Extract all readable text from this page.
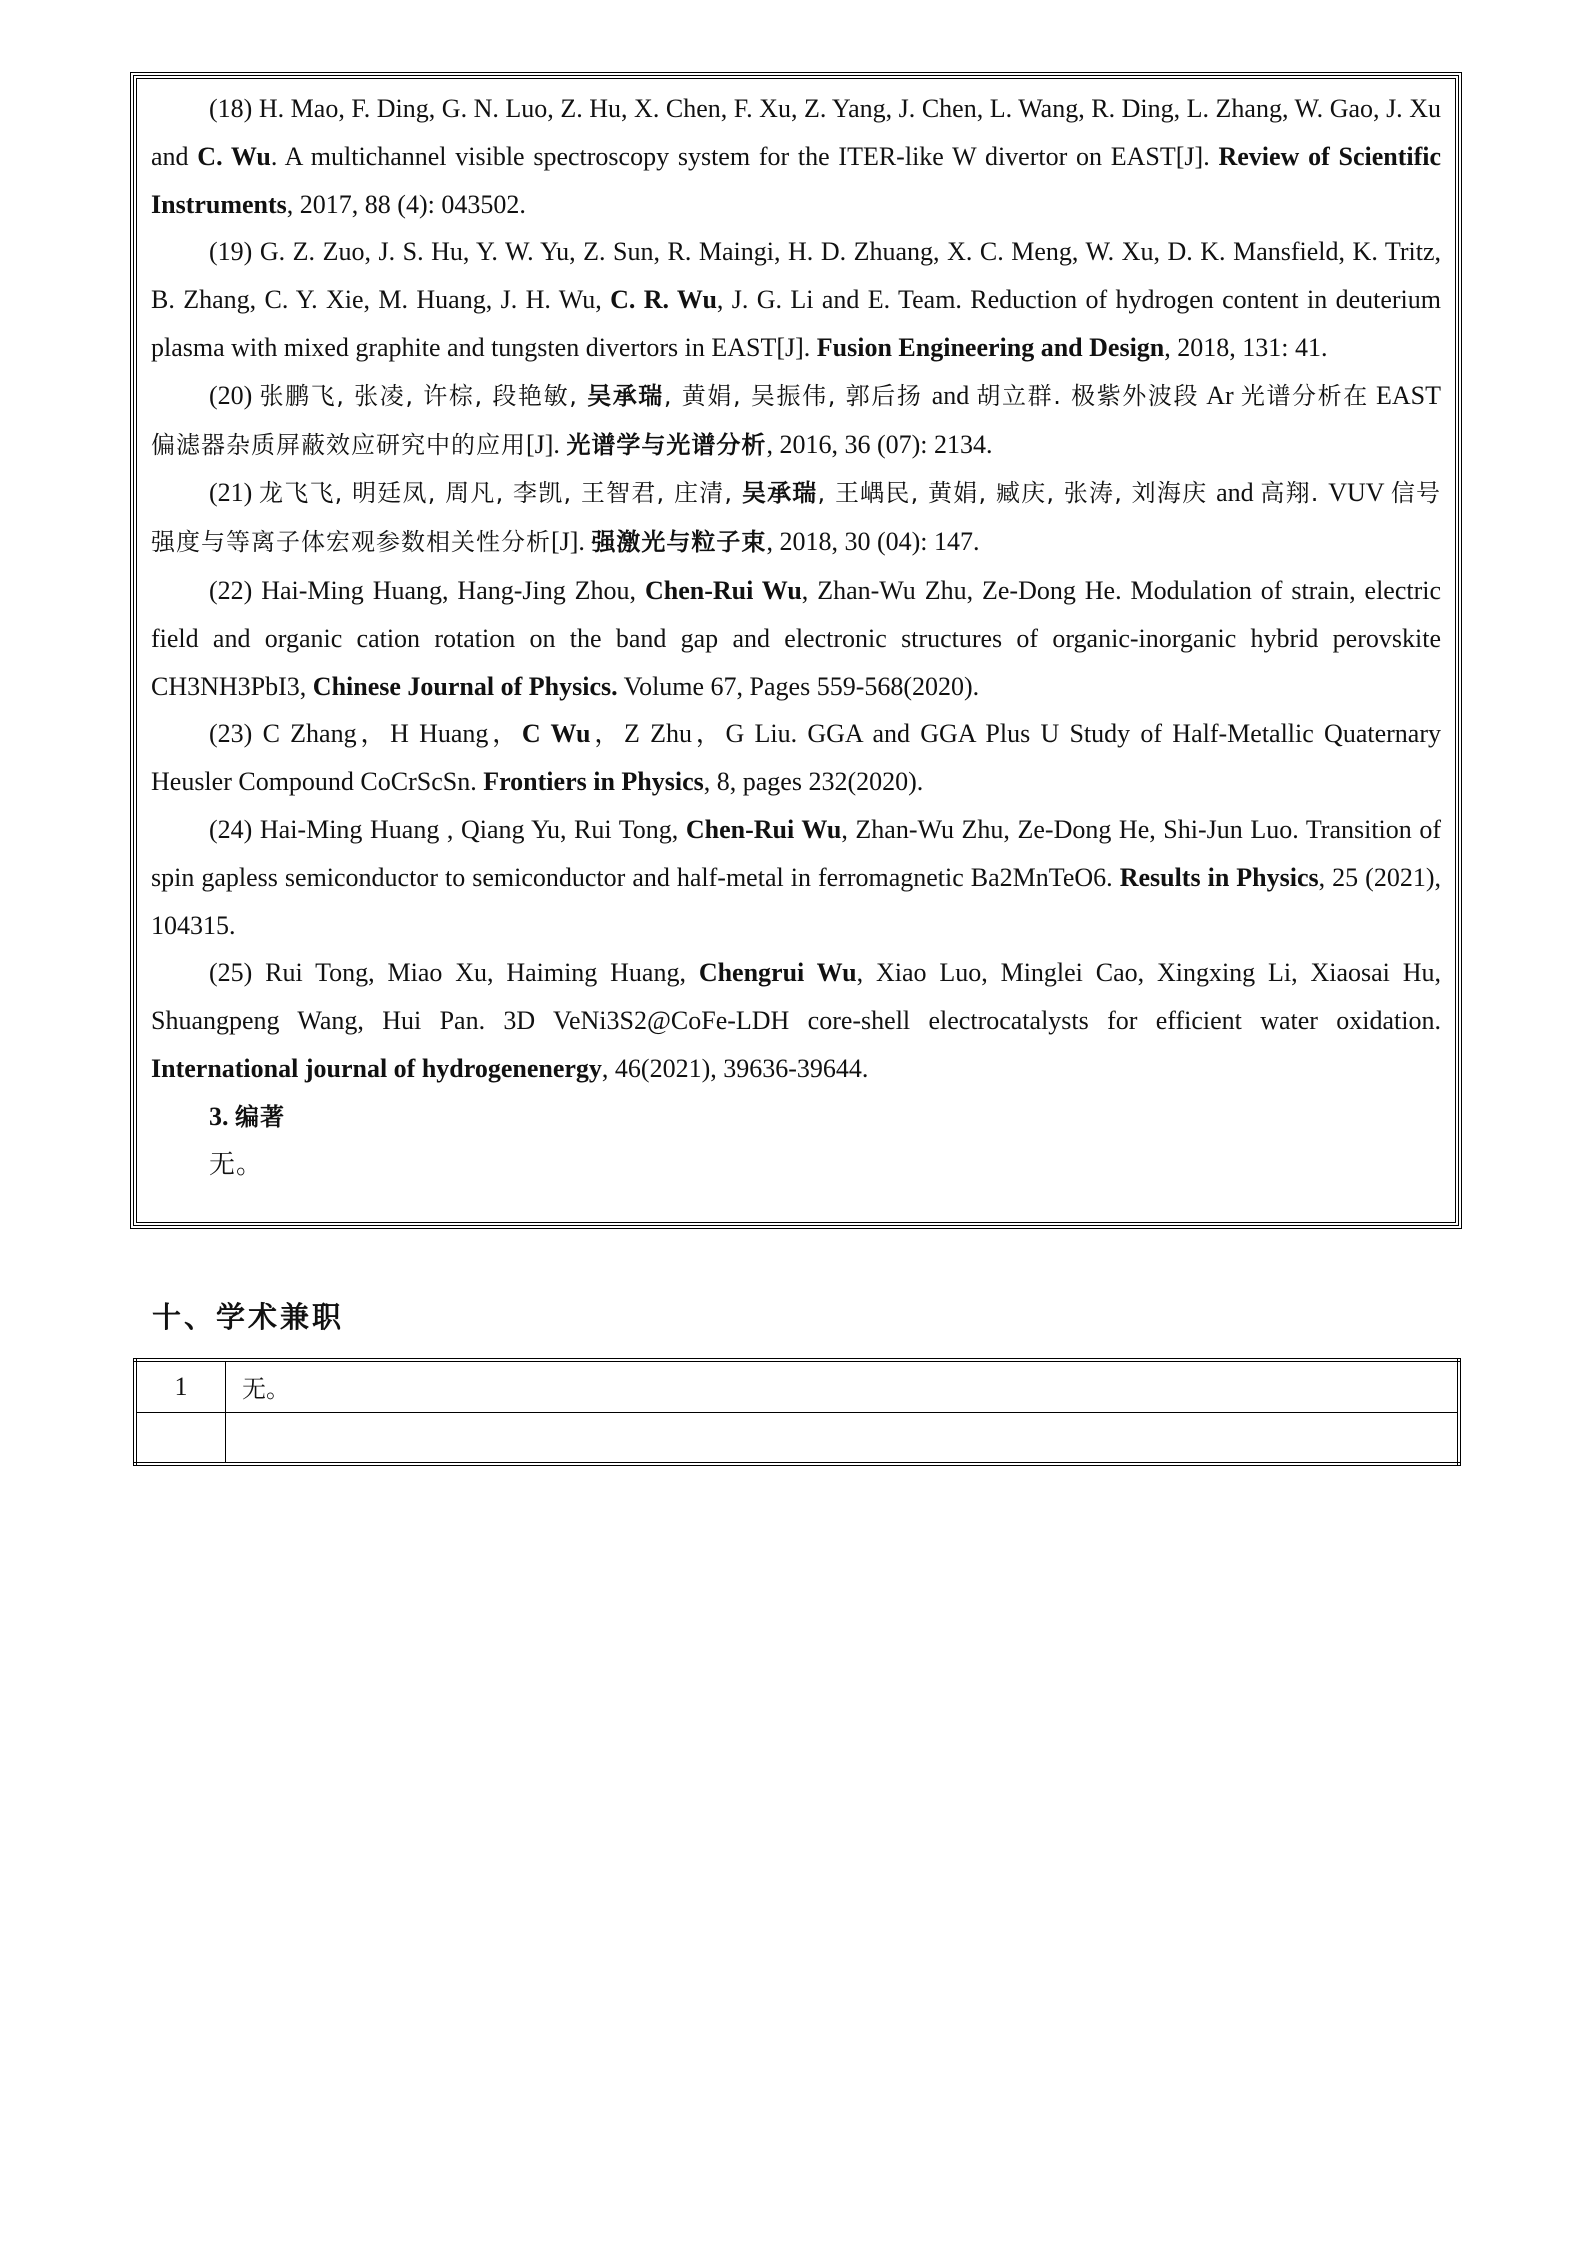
(18) H. Mao, F. Ding, G. N. Luo, Z. Hu, X. Chen, F. Xu, Z. Yang, J. Chen, L. Wang, R. Ding, L. Zhang, W. Gao, J. Xu and C. Wu. A multichannel visible spectroscopy system for the ITER-like W divertor on EAST[J]. Review of Scientific Instruments, 2017, 88 (4): 043502.

(19) G. Z. Zuo, J. S. Hu, Y. W. Yu, Z. Sun, R. Maingi, H. D. Zhuang, X. C. Meng, W. Xu, D. K. Mansfield, K. Tritz, B. Zhang, C. Y. Xie, M. Huang, J. H. Wu, C. R. Wu, J. G. Li and E. Team. Reduction of hydrogen content in deuterium plasma with mixed graphite and tungsten divertors in EAST[J]. Fusion Engineering and Design, 2018, 131: 41.

(20) 张鹏飞, 张凌, 许棕, 段艳敏, 吴承瑞, 黄娟, 吴振伟, 郭后扬 and 胡立群. 极紫外波段 Ar 光谱分析在 EAST 偏滤器杂质屏蔽效应研究中的应用[J]. 光谱学与光谱分析, 2016, 36 (07): 2134.

(21) 龙飞飞, 明廷凤, 周凡, 李凯, 王智君, 庄清, 吴承瑞, 王嵎民, 黄娟, 臧庆, 张涛, 刘海庆 and 高翔. VUV 信号强度与等离子体宏观参数相关性分析[J]. 强激光与粒子束, 2018, 30 (04): 147.

(22) Hai-Ming Huang, Hang-Jing Zhou, Chen-Rui Wu, Zhan-Wu Zhu, Ze-Dong He. Modulation of strain, electric field and organic cation rotation on the band gap and electronic structures of organic-inorganic hybrid perovskite CH3NH3PbI3, Chinese Journal of Physics. Volume 67, Pages 559-568(2020).

(23) C Zhang，H Huang，C Wu，Z Zhu，G Liu. GGA and GGA Plus U Study of Half-Metallic Quaternary Heusler Compound CoCrScSn. Frontiers in Physics, 8, pages 232(2020).

(24) Hai-Ming Huang , Qiang Yu, Rui Tong, Chen-Rui Wu, Zhan-Wu Zhu, Ze-Dong He, Shi-Jun Luo. Transition of spin gapless semiconductor to semiconductor and half-metal in ferromagnetic Ba2MnTeO6. Results in Physics, 25 (2021), 104315.

(25) Rui Tong, Miao Xu, Haiming Huang, Chengrui Wu, Xiao Luo, Minglei Cao, Xingxing Li, Xiaosai Hu, Shuangpeng Wang, Hui Pan. 3D VeNi3S2@CoFe-LDH core-shell electrocatalysts for efficient water oxidation. International journal of hydrogenenergy, 46(2021), 39636-39644.

3. 编著

无。

十、学术兼职
1	无。
